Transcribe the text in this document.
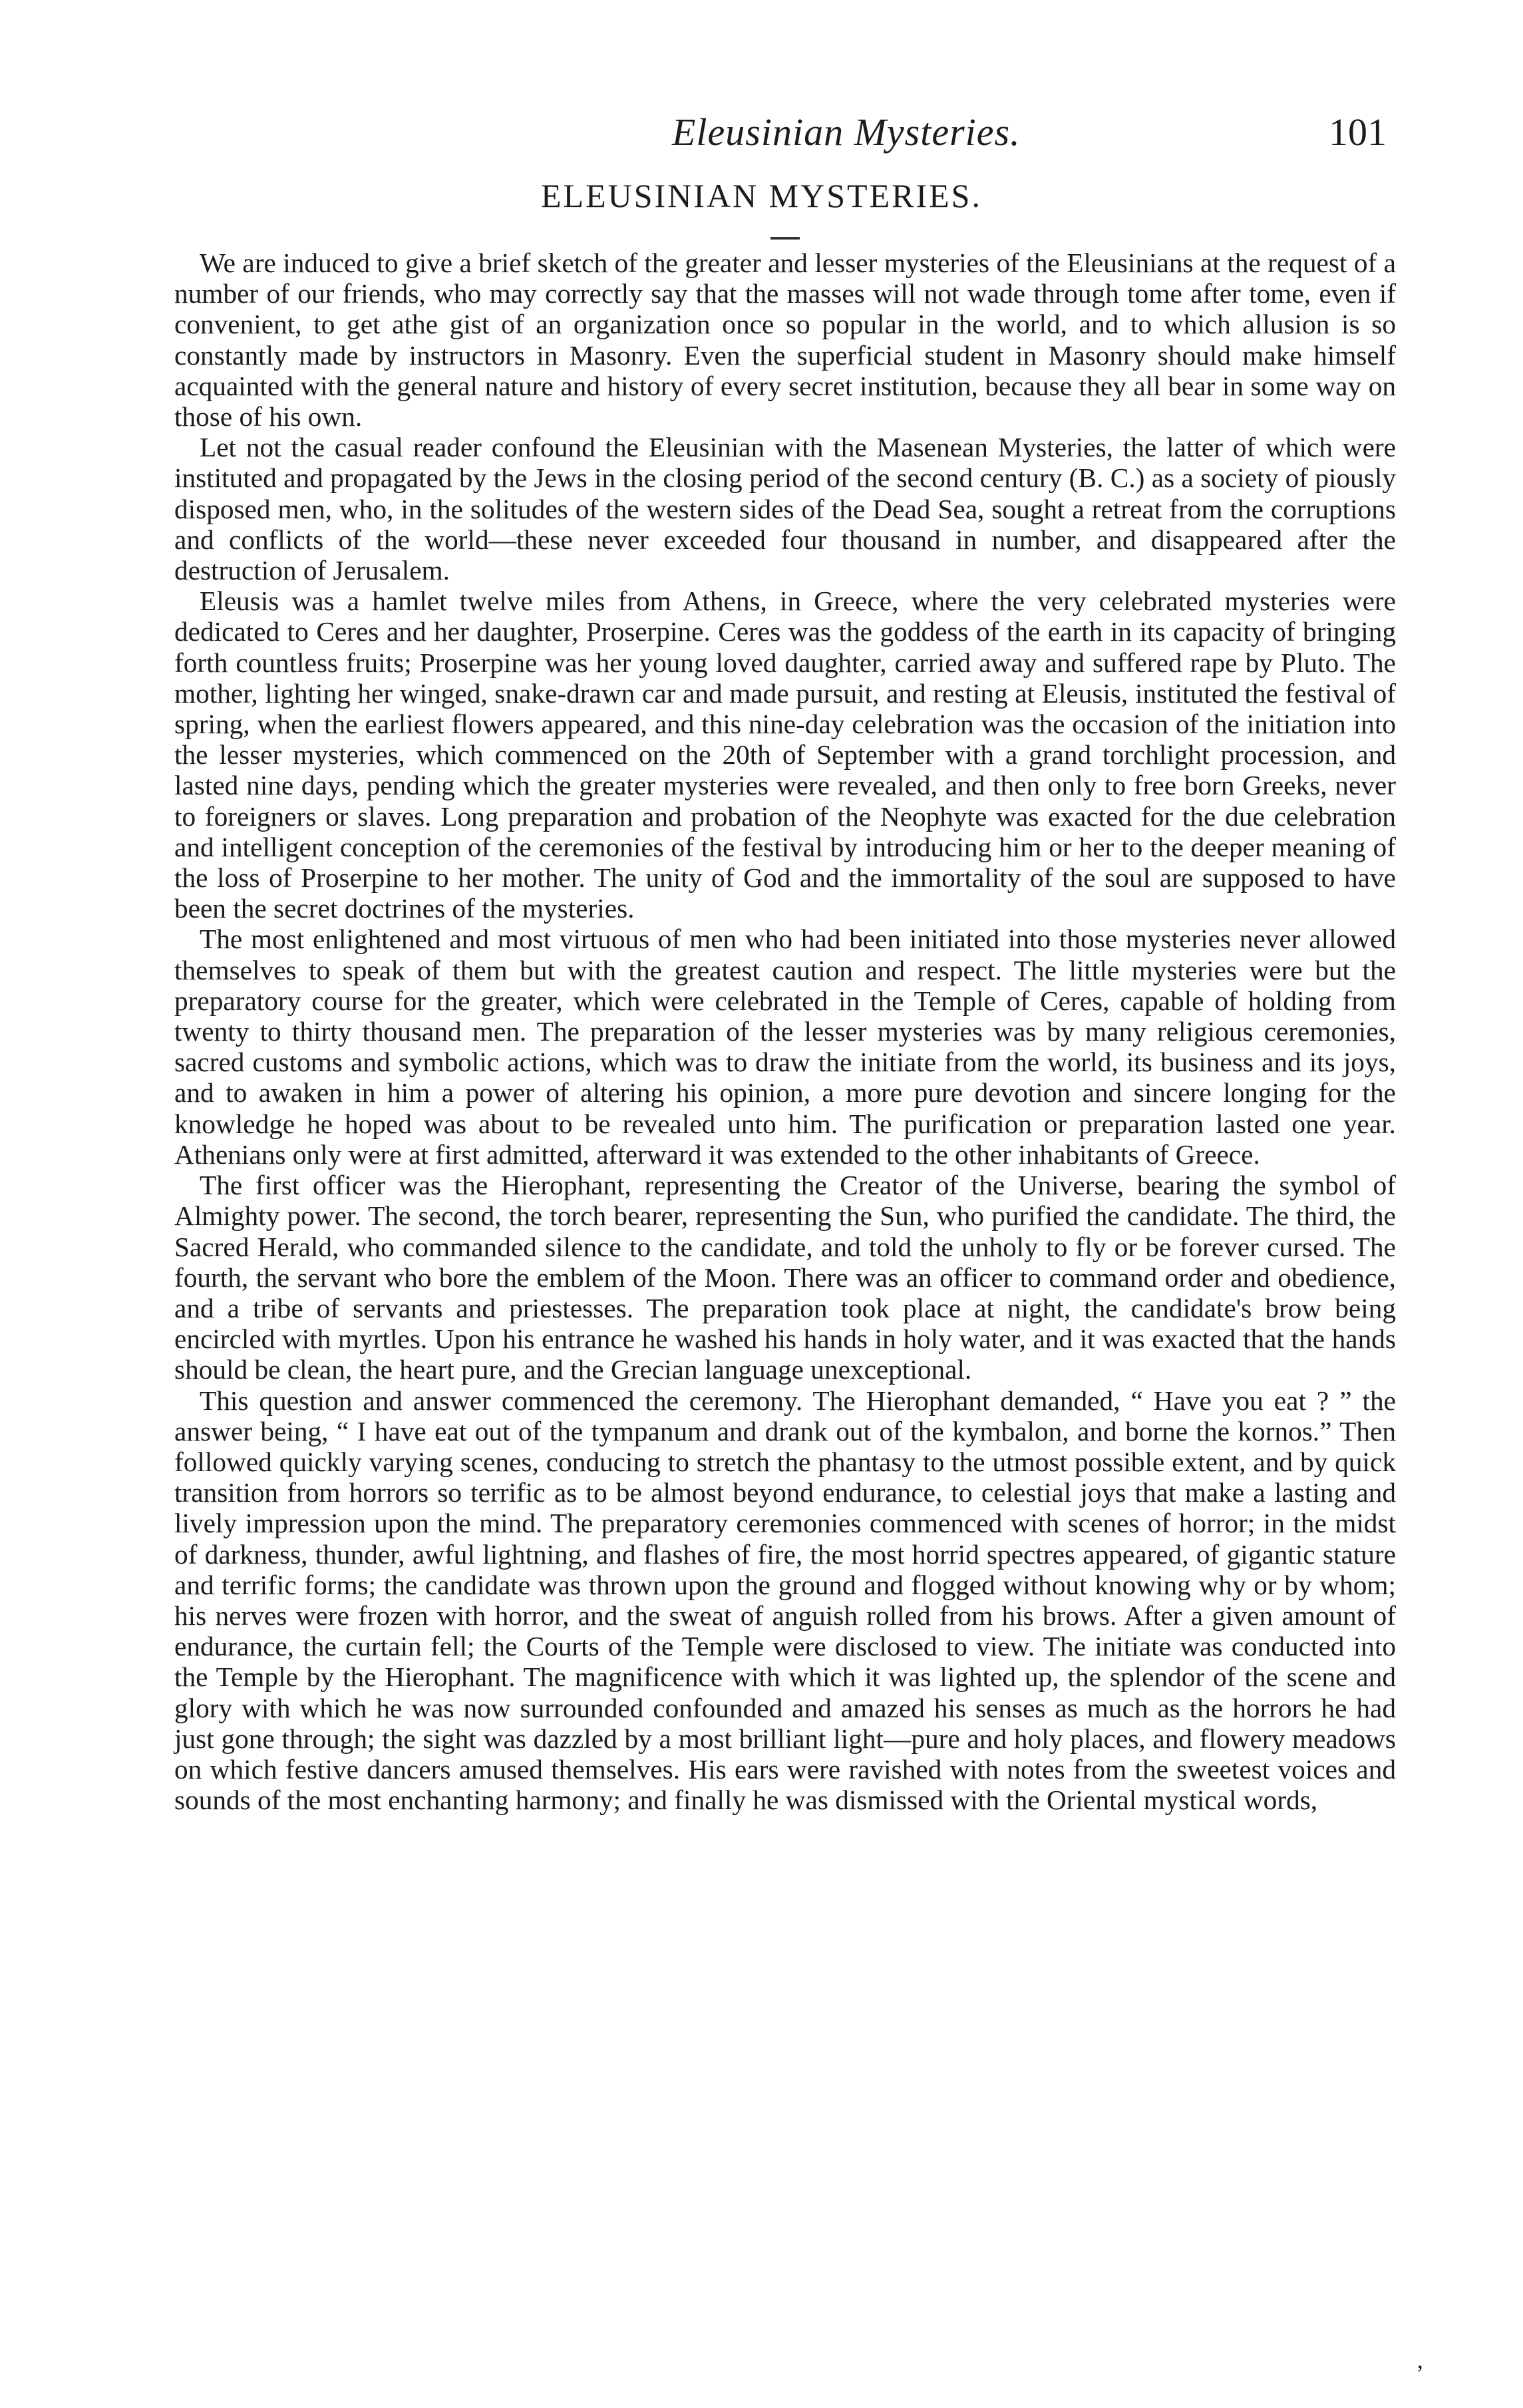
Eleusinian Mysteries.	101
ELEUSINIAN MYSTERIES.

We are induced to give a brief sketch of the greater and lesser mysteries of the Eleusinians at the request of a number of our friends, who may correctly say that the masses will not wade through tome after tome, even if convenient, to get athe gist of an organization once so popular in the world, and to which allusion is so constantly made by instructors in Masonry. Even the superficial student in Masonry should make himself acquainted with the general nature and history of every secret institution, because they all bear in some way on those of his own.

Let not the casual reader confound the Eleusinian with the Masenean Mysteries, the latter of which were instituted and propagated by the Jews in the closing period of the second century (B. C.) as a society of piously disposed men, who, in the solitudes of the western sides of the Dead Sea, sought a retreat from the corruptions and conflicts of the world—these never exceeded four thousand in number, and disappeared after the destruction of Jerusalem.

Eleusis was a hamlet twelve miles from Athens, in Greece, where the very celebrated mysteries were dedicated to Ceres and her daughter, Proserpine. Ceres was the goddess of the earth in its capacity of bringing forth countless fruits; Proserpine was her young loved daughter, carried away and suffered rape by Pluto. The mother, lighting her winged, snake-drawn car and made pursuit, and resting at Eleusis, instituted the festival of spring, when the earliest flowers appeared, and this nine-day celebration was the occasion of the initiation into the lesser mysteries, which commenced on the 20th of September with a grand torchlight procession, and lasted nine days, pending which the greater mysteries were revealed, and then only to free born Greeks, never to foreigners or slaves. Long preparation and probation of the Neophyte was exacted for the due celebration and intelligent conception of the ceremonies of the festival by introducing him or her to the deeper meaning of the loss of Proserpine to her mother. The unity of God and the immortality of the soul are supposed to have been the secret doctrines of the mysteries.

The most enlightened and most virtuous of men who had been initiated into those mysteries never allowed themselves to speak of them but with the greatest caution and respect. The little mysteries were but the preparatory course for the greater, which were celebrated in the Temple of Ceres, capable of holding from twenty to thirty thousand men. The preparation of the lesser mysteries was by many religious ceremonies, sacred customs and symbolic actions, which was to draw the initiate from the world, its business and its joys, and to awaken in him a power of altering his opinion, a more pure devotion and sincere longing for the knowledge he hoped was about to be revealed unto him. The purification or preparation lasted one year. Athenians only were at first admitted, afterward it was extended to the other inhabitants of Greece.

The first officer was the Hierophant, representing the Creator of the Universe, bearing the symbol of Almighty power. The second, the torch bearer, representing the Sun, who purified the candidate. The third, the Sacred Herald, who commanded silence to the candidate, and told the unholy to fly or be forever cursed. The fourth, the servant who bore the emblem of the Moon. There was an officer to command order and obedience, and a tribe of servants and priestesses. The preparation took place at night, the candidate's brow being encircled with myrtles. Upon his entrance he washed his hands in holy water, and it was exacted that the hands should be clean, the heart pure, and the Grecian language unexceptional.

This question and answer commenced the ceremony. The Hierophant demanded, “ Have you eat ? ” the answer being, “ I have eat out of the tympanum and drank out of the kymbalon, and borne the kornos.” Then followed quickly varying scenes, conducing to stretch the phantasy to the utmost possible extent, and by quick transition from horrors so terrific as to be almost beyond endurance, to celestial joys that make a lasting and lively impression upon the mind. The preparatory ceremonies commenced with scenes of horror; in the midst of darkness, thunder, awful lightning, and flashes of fire, the most horrid spectres appeared, of gigantic stature and terrific forms; the candidate was thrown upon the ground and flogged without knowing why or by whom; his nerves were frozen with horror, and the sweat of anguish rolled from his brows. After a given amount of endurance, the curtain fell; the Courts of the Temple were disclosed to view. The initiate was conducted into the Temple by the Hierophant. The magnificence with which it was lighted up, the splendor of the scene and glory with which he was now surrounded confounded and amazed his senses as much as the horrors he had just gone through; the sight was dazzled by a most brilliant light—pure and holy places, and flowery meadows on which festive dancers amused themselves. His ears were ravished with notes from the sweetest voices and sounds of the most enchanting harmony; and finally he was dismissed with the Oriental mystical words,

’
